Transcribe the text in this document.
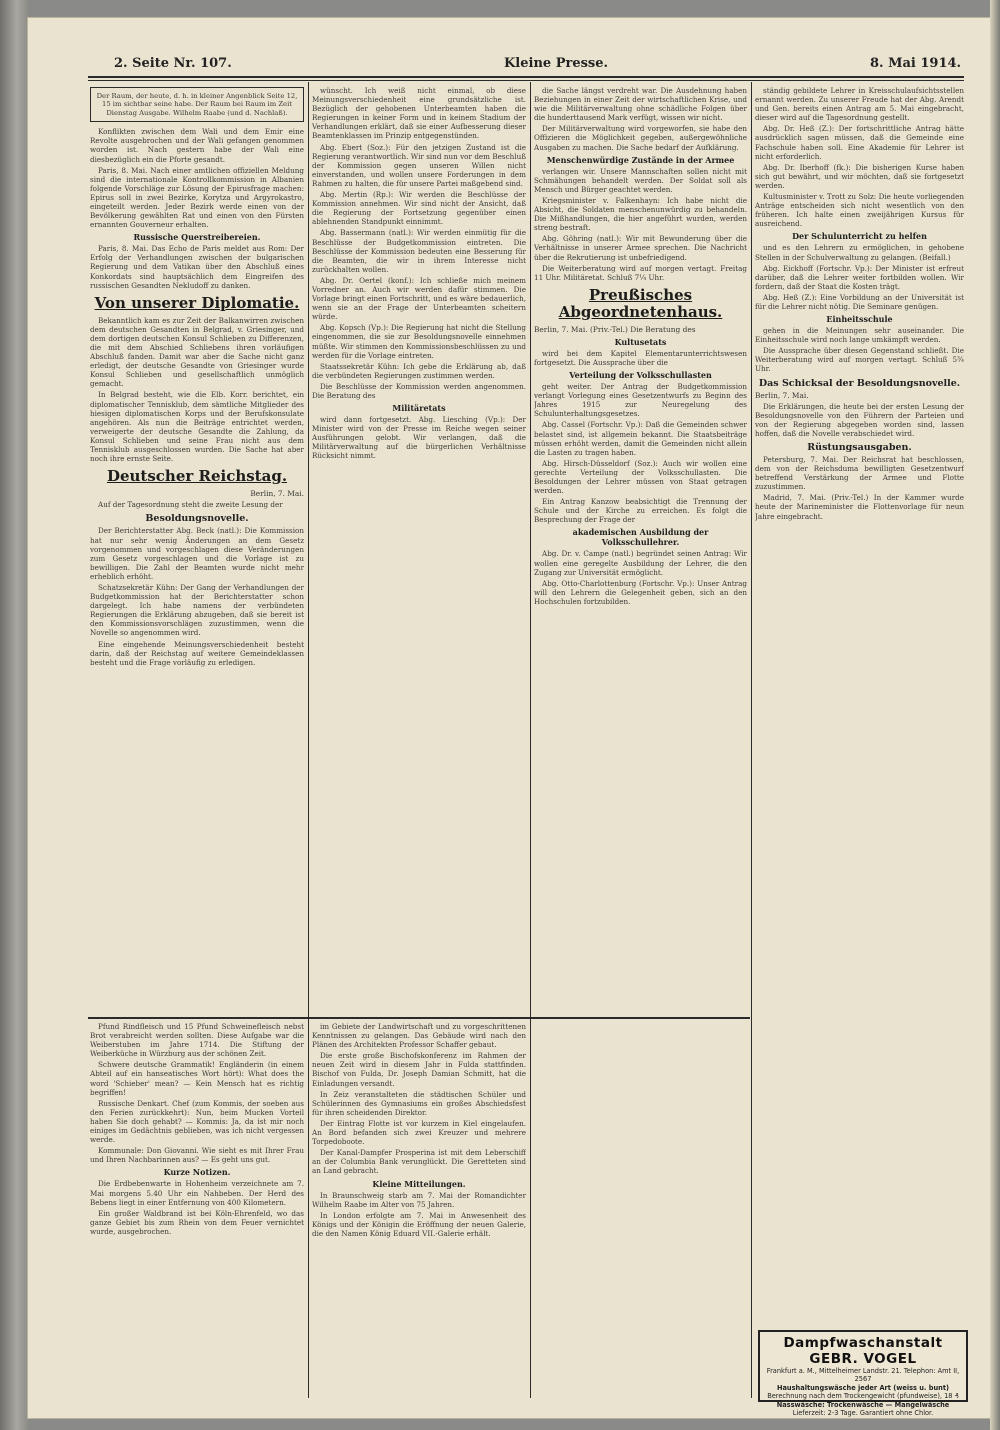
2. Seite Nr. 107.	Kleine Presse.	8. Mai 1914.
Der Raum, der heute, d. h. in kleiner Angenblick Seite 12, 15 im sichtbar seine habe. Der Raum bei Raum im Zeit Dienstag Ausgabe. Wilhelm Raabe (und d. Nachlaß).

Konflikten zwischen dem Wali und dem Emir eine Revolte ausgebrochen und der Wali gefangen genommen worden ist. Nach gestern habe der Wali eine diesbezüglich ein die Pforte gesandt.

Paris, 8. Mai. Nach einer amtlichen offiziellen Meldung sind die internationale Kontrollkommission in Albanien folgende Vorschläge zur Lösung der Epirusfrage machen: Epirus soll in zwei Bezirke, Korytza und Argyrokastro, eingeteilt werden. Jeder Bezirk werde einen von der Bevölkerung gewählten Rat und einen von den Fürsten ernannten Gouverneur erhalten.

Russische Querstreibereien.

Paris, 8. Mai. Das Echo de Paris meldet aus Rom: Der Erfolg der Verhandlungen zwischen der bulgarischen Regierung und dem Vatikan über den Abschluß eines Konkordats sind hauptsächlich dem Eingreifen des russischen Gesandten Nekludoff zu danken.

Von unserer Diplomatie.

Bekanntlich kam es zur Zeit der Balkanwirren zwischen dem deutschen Gesandten in Belgrad, v. Griesinger, und dem dortigen deutschen Konsul Schlieben zu Differenzen, die mit dem Abschied Schliebens ihren vorläufigen Abschluß fanden. Damit war aber die Sache nicht ganz erledigt, der deutsche Gesandte von Griesinger wurde Konsul Schlieben und gesellschaftlich unmöglich gemacht.

In Belgrad besteht, wie die Elb. Korr. berichtet, ein diplomatischer Tennisklub, dem sämtliche Mitglieder des hiesigen diplomatischen Korps und der Berufskonsulate angehören. Als nun die Beiträge entrichtet werden, verweigerte der deutsche Gesandte die Zahlung, da Konsul Schlieben und seine Frau nicht aus dem Tennisklub ausgeschlossen wurden. Die Sache hat aber noch ihre ernste Seite.

Deutscher Reichstag.
Berlin, 7. Mai.

Auf der Tagesordnung steht die zweite Lesung der

Besoldungsnovelle.

Der Berichterstatter Abg. Beck (natl.): Die Kommission hat nur sehr wenig Änderungen an dem Gesetz vorgenommen und vorgeschlagen diese Veränderungen zum Gesetz vorgeschlagen und die Vorlage ist zu bewilligen. Die Zahl der Beamten wurde nicht mehr erheblich erhöht.

Schatzsekretär Kühn: Der Gang der Verhandlungen der Budgetkommission hat der Berichterstatter schon dargelegt. Ich habe namens der verbündeten Regierungen die Erklärung abzugeben, daß sie bereit ist den Kommissionsvorschlägen zuzustimmen, wenn die Novelle so angenommen wird.

Eine eingehende Meinungsverschiedenheit besteht darin, daß der Reichstag auf weitere Gemeindeklassen besteht und die Frage vorläufig zu erledigen.

Pfund Rindfleisch und 15 Pfund Schweinefleisch nebst Brot verabreicht werden sollten. Diese Aufgabe war die Weiberstuben im Jahre 1714. Die Stiftung der Weiberküche in Würzburg aus der schönen Zeit.

Schwere deutsche Grammatik! Engländerin (in einem Abteil auf ein hanseatisches Wort hört): What does the word 'Schieber' mean? — Kein Mensch hat es richtig begriffen!

Russische Denkart. Chef (zum Kommis, der soeben aus den Ferien zurückkehrt): Nun, beim Mucken Vorteil haben Sie doch gehabt? — Kommis: Ja, da ist mir noch einiges im Gedächtnis geblieben, was ich nicht vergessen werde.

Kommunale: Don Giovanni. Wie sieht es mit Ihrer Frau und Ihren Nachbarinnen aus? — Es geht uns gut.

Kurze Notizen.

Die Erdbebenwarte in Hohenheim verzeichnete am 7. Mai morgens 5.40 Uhr ein Nahbeben. Der Herd des Bebens liegt in einer Entfernung von 400 Kilometern.

Ein großer Waldbrand ist bei Köln-Ehrenfeld, wo das ganze Gebiet bis zum Rhein von dem Feuer vernichtet wurde, ausgebrochen.

wünscht. Ich weiß nicht einmal, ob diese Meinungsverschiedenheit eine grundsätzliche ist. Bezüglich der gehobenen Unterbeamten haben die Regierungen in keiner Form und in keinem Stadium der Verhandlungen erklärt, daß sie einer Aufbesserung dieser Beamtenklassen im Prinzip entgegenstünden.

Abg. Ebert (Soz.): Für den jetzigen Zustand ist die Regierung verantwortlich. Wir sind nun vor dem Beschluß der Kommission gegen unseren Willen nicht einverstanden, und wollen unsere Forderungen in dem Rahmen zu halten, die für unsere Partei maßgebend sind.

Abg. Mertin (Rp.): Wir werden die Beschlüsse der Kommission annehmen. Wir sind nicht der Ansicht, daß die Regierung der Fortsetzung gegenüber einen ablehnenden Standpunkt einnimmt.

Abg. Bassermann (natl.): Wir werden einmütig für die Beschlüsse der Budgetkommission eintreten. Die Beschlüsse der Kommission bedeuten eine Besserung für die Beamten, die wir in ihrem Interesse nicht zurückhalten wollen.

Abg. Dr. Oertel (konf.): Ich schließe mich meinem Vorredner an. Auch wir werden dafür stimmen. Die Vorlage bringt einen Fortschritt, und es wäre bedauerlich, wenn sie an der Frage der Unterbeamten scheitern würde.

Abg. Kopsch (Vp.): Die Regierung hat nicht die Stellung eingenommen, die sie zur Besoldungsnovelle einnehmen müßte. Wir stimmen den Kommissionsbeschlüssen zu und werden für die Vorlage eintreten.

Staatssekretär Kühn: Ich gebe die Erklärung ab, daß die verbündeten Regierungen zustimmen werden.

Die Beschlüsse der Kommission werden angenommen. Die Beratung des

Militäretats

wird dann fortgesetzt. Abg. Liesching (Vp.): Der Minister wird von der Presse im Reiche wegen seiner Ausführungen gelobt. Wir verlangen, daß die Militärverwaltung auf die bürgerlichen Verhältnisse Rücksicht nimmt.

im Gebiete der Landwirtschaft und zu vorgeschrittenen Kenntnissen zu gelangen. Das Gebäude wird nach den Plänen des Architekten Professor Schaffer gebaut.

Die erste große Bischofskonferenz im Rahmen der neuen Zeit wird in diesem Jahr in Fulda stattfinden. Bischof von Fulda, Dr. Joseph Damian Schmitt, hat die Einladungen versandt.

In Zeiz veranstalteten die städtischen Schüler und Schülerinnen des Gymnasiums ein großes Abschiedsfest für ihren scheidenden Direktor.

Der Eintrag Flotte ist vor kurzem in Kiel eingelaufen. An Bord befanden sich zwei Kreuzer und mehrere Torpedoboote.

Der Kanal-Dampfer Prosperina ist mit dem Leberschiff an der Columbia Bank verunglückt. Die Geretteten sind an Land gebracht.

Kleine Mitteilungen.

In Braunschweig starb am 7. Mai der Romandichter Wilhelm Raabe im Alter von 75 Jahren.

In London erfolgte am 7. Mai in Anwesenheit des Königs und der Königin die Eröffnung der neuen Galerie, die den Namen König Eduard VII.-Galerie erhält.

die Sache längst verdreht war. Die Ausdehnung haben Beziehungen in einer Zeit der wirtschaftlichen Krise, und wie die Militärverwaltung ohne schädliche Folgen über die hunderttausend Mark verfügt, wissen wir nicht.

Der Militärverwaltung wird vorgeworfen, sie habe den Offizieren die Möglichkeit gegeben, außergewöhnliche Ausgaben zu machen. Die Sache bedarf der Aufklärung.

Menschenwürdige Zustände in der Armee

verlangen wir. Unsere Mannschaften sollen nicht mit Schmähungen behandelt werden. Der Soldat soll als Mensch und Bürger geachtet werden.

Kriegsminister v. Falkenhayn: Ich habe nicht die Absicht, die Soldaten menschenunwürdig zu behandeln. Die Mißhandlungen, die hier angeführt wurden, werden streng bestraft.

Abg. Göhring (natl.): Wir mit Bewunderung über die Verhältnisse in unserer Armee sprechen. Die Nachricht über die Rekrutierung ist unbefriedigend.

Die Weiterberatung wird auf morgen vertagt. Freitag 11 Uhr. Militäretat. Schluß 7¼ Uhr.

Preußisches Abgeordnetenhaus.
Berlin, 7. Mai. (Priv.-Tel.) Die Beratung des
Kultusetats

wird bei dem Kapitel Elementarunterrichtswesen fortgesetzt. Die Aussprache über die

Verteilung der Volksschullasten

geht weiter. Der Antrag der Budgetkommission verlangt Vorlegung eines Gesetzentwurfs zu Beginn des Jahres 1915 zur Neuregelung des Schulunterhaltungsgesetzes.

Abg. Cassel (Fortschr. Vp.): Daß die Gemeinden schwer belastet sind, ist allgemein bekannt. Die Staatsbeiträge müssen erhöht werden, damit die Gemeinden nicht allein die Lasten zu tragen haben.

Abg. Hirsch-Düsseldorf (Soz.): Auch wir wollen eine gerechte Verteilung der Volksschullasten. Die Besoldungen der Lehrer müssen von Staat getragen werden.

Ein Antrag Kanzow beabsichtigt die Trennung der Schule und der Kirche zu erreichen. Es folgt die Besprechung der Frage der

akademischen Ausbildung der Volksschullehrer.

Abg. Dr. v. Campe (natl.) begründet seinen Antrag: Wir wollen eine geregelte Ausbildung der Lehrer, die den Zugang zur Universität ermöglicht.

Abg. Otto-Charlottenburg (Fortschr. Vp.): Unser Antrag will den Lehrern die Gelegenheit geben, sich an den Hochschulen fortzubilden.

ständig gebildete Lehrer in Kreisschulaufsichtsstellen ernannt werden. Zu unserer Freude hat der Abg. Arendt und Gen. bereits einen Antrag am 5. Mai eingebracht, dieser wird auf die Tagesordnung gestellt.

Abg. Dr. Heß (Z.): Der fortschrittliche Antrag hätte ausdrücklich sagen müssen, daß die Gemeinde eine Fachschule haben soll. Eine Akademie für Lehrer ist nicht erforderlich.

Abg. Dr. Iberhoff (fk.): Die bisherigen Kurse haben sich gut bewährt, und wir möchten, daß sie fortgesetzt werden.

Kultusminister v. Trott zu Solz: Die heute vorliegenden Anträge entscheiden sich nicht wesentlich von den früheren. Ich halte einen zweijährigen Kursus für ausreichend.

Der Schulunterricht zu helfen

und es den Lehrern zu ermöglichen, in gehobene Stellen in der Schulverwaltung zu gelangen. (Beifall.)

Abg. Eickhoff (Fortschr. Vp.): Der Minister ist erfreut darüber, daß die Lehrer weiter fortbilden wollen. Wir fordern, daß der Staat die Kosten trägt.

Abg. Heß (Z.): Eine Vorbildung an der Universität ist für die Lehrer nicht nötig. Die Seminare genügen.

Einheitsschule

gehen in die Meinungen sehr auseinander. Die Einheitsschule wird noch lange umkämpft werden.

Die Aussprache über diesen Gegenstand schließt. Die Weiterberatung wird auf morgen vertagt. Schluß 5¾ Uhr.

Das Schicksal der Besoldungsnovelle.
Berlin, 7. Mai.

Die Erklärungen, die heute bei der ersten Lesung der Besoldungsnovelle von den Führern der Parteien und von der Regierung abgegeben worden sind, lassen hoffen, daß die Novelle verabschiedet wird.

Rüstungsausgaben.

Petersburg, 7. Mai. Der Reichsrat hat beschlossen, dem von der Reichsduma bewilligten Gesetzentwurf betreffend Verstärkung der Armee und Flotte zuzustimmen.

Madrid, 7. Mai. (Priv.-Tel.) In der Kammer wurde heute der Marineminister die Flottenvorlage für neun Jahre eingebracht.

Dampfwaschanstalt GEBR. VOGEL
Frankfurt a. M., Mittelheimer Landstr. 21. Telephon: Amt II, 2567
Haushaltungswäsche jeder Art (weiss u. bunt)
Berechnung nach dem Trockengewicht (pfundweise), 18 ₰
Nasswäsche: Trockenwäsche — Mangelwäsche
Lieferzeit: 2-3 Tage. Garantiert ohne Chlor.
